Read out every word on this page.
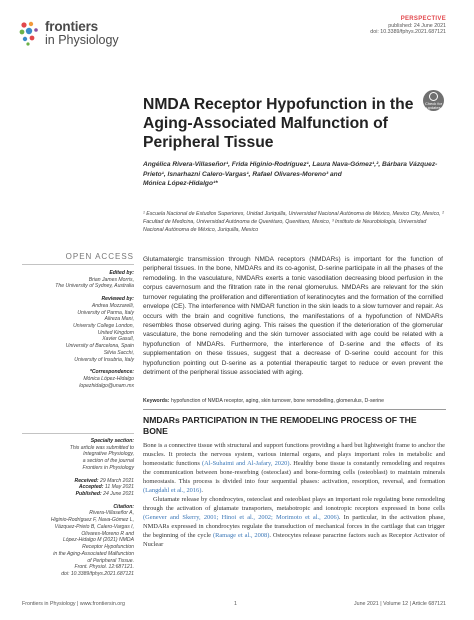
frontiers
in Physiology
PERSPECTIVE
published: 24 June 2021
doi: 10.3389/fphys.2021.687121
Check for
updates
NMDA Receptor Hypofunction in the Aging-Associated Malfunction of Peripheral Tissue
Angélica Rivera-Villaseñor¹, Frida Higinio-Rodríguez¹, Laura Nava-Gómez¹,², Bárbara Vázquez-Prieto¹, Isnarhazni Calero-Vargas¹, Rafael Olivares-Moreno³ and
Mónica López-Hidalgo¹*
¹ Escuela Nacional de Estudios Superiores, Unidad Juriquilla, Universidad Nacional Autónoma de México, Mexico City, Mexico, ² Facultad de Medicina, Universidad Autónoma de Querétaro, Querétaro, Mexico, ³ Instituto de Neurobiología, Universidad Nacional Autónoma de México, Juriquilla, Mexico
Glutamatergic transmission through NMDA receptors (NMDARs) is important for the function of peripheral tissues. In the bone, NMDARs and its co-agonist, D-serine participate in all the phases of the remodeling. In the vasculature, NMDARs exerts a tonic vasodilation decreasing blood perfusion in the corpus cavernosum and the filtration rate in the renal glomerulus. NMDARs are relevant for the skin turnover regulating the proliferation and differentiation of keratinocytes and the formation of the cornified envelope (CE). The interference with NMDAR function in the skin leads to a slow turnover and repair. As occurs with the brain and cognitive functions, the manifestations of a hypofunction of NMDARs resembles those observed during aging. This raises the question if the deterioration of the glomerular vasculature, the bone remodeling and the skin turnover associated with age could be related with a hypofunction of NMDARs. Furthermore, the interference of D-serine and the effects of its supplementation on these tissues, suggest that a decrease of D-serine could account for this hypofunction pointing out D-serine as a potential therapeutic target to reduce or even prevent the detriment of the peripheral tissue associated with aging.
Keywords: hypofunction of NMDA receptor, aging, skin turnover, bone remodelling, glomerulus, D-serine
NMDARs PARTICIPATION IN THE REMODELING PROCESS OF THE BONE

Bone is a connective tissue with structural and support functions providing a hard but lightweight frame to anchor the muscles. It protects the nervous system, various internal organs, and plays important roles in metabolic and homeostatic functions (Al-Suhaimi and Al-Jafary, 2020). Healthy bone tissue is constantly remodeling and requires the communication between bone-resorbing (osteoclast) and bone-forming cells (osteoblast) to maintain minerals homeostasis. This process is divided into four sequential phases: activation, resorption, reversal, and formation (Langdahl et al., 2016).

Glutamate release by chondrocytes, osteoclast and osteoblast plays an important role regulating bone remodeling through the activation of glutamate transporters, metabotropic and ionotropic receptors expressed in bone cells (Genever and Skerry, 2001; Hinoi et al., 2002; Morimoto et al., 2006). In particular, in the activation phase, NMDARs expressed in chondrocytes regulate the transduction of mechanical forces in the cartilage that can trigger the beginning of the cycle (Ramage et al., 2008). Osteocytes release paracrine factors such as Receptor Activator of Nuclear

OPEN ACCESS
Edited by:
Brian James Morris,
The University of Sydney, Australia
Reviewed by:
Andrea Mozzarelli,
University of Parma, Italy
Alireza Mani,
University College London,
United Kingdom
Xavier Gasull,
University of Barcelona, Spain
Silvia Sacchi,
University of Insubria, Italy
*Correspondence:
Mónica López-Hidalgo
lopezhidalgo@unam.mx
Specialty section:
This article was submitted to
Integrative Physiology,
a section of the journal
Frontiers in Physiology
Received: 29 March 2021
Accepted: 11 May 2021
Published: 24 June 2021
Citation:
Rivera-Villaseñor A,
Higinio-Rodríguez F, Nava-Gómez L,
Vázquez-Prieto B, Calero-Vargas I,
Olivares-Moreno R and
López-Hidalgo M (2021) NMDA
Receptor Hypofunction
in the Aging-Associated Malfunction
of Peripheral Tissue.
Front. Physiol. 12:687121.
doi: 10.3389/fphys.2021.687121
Frontiers in Physiology | www.frontiersin.org	1	June 2021 | Volume 12 | Article 687121
